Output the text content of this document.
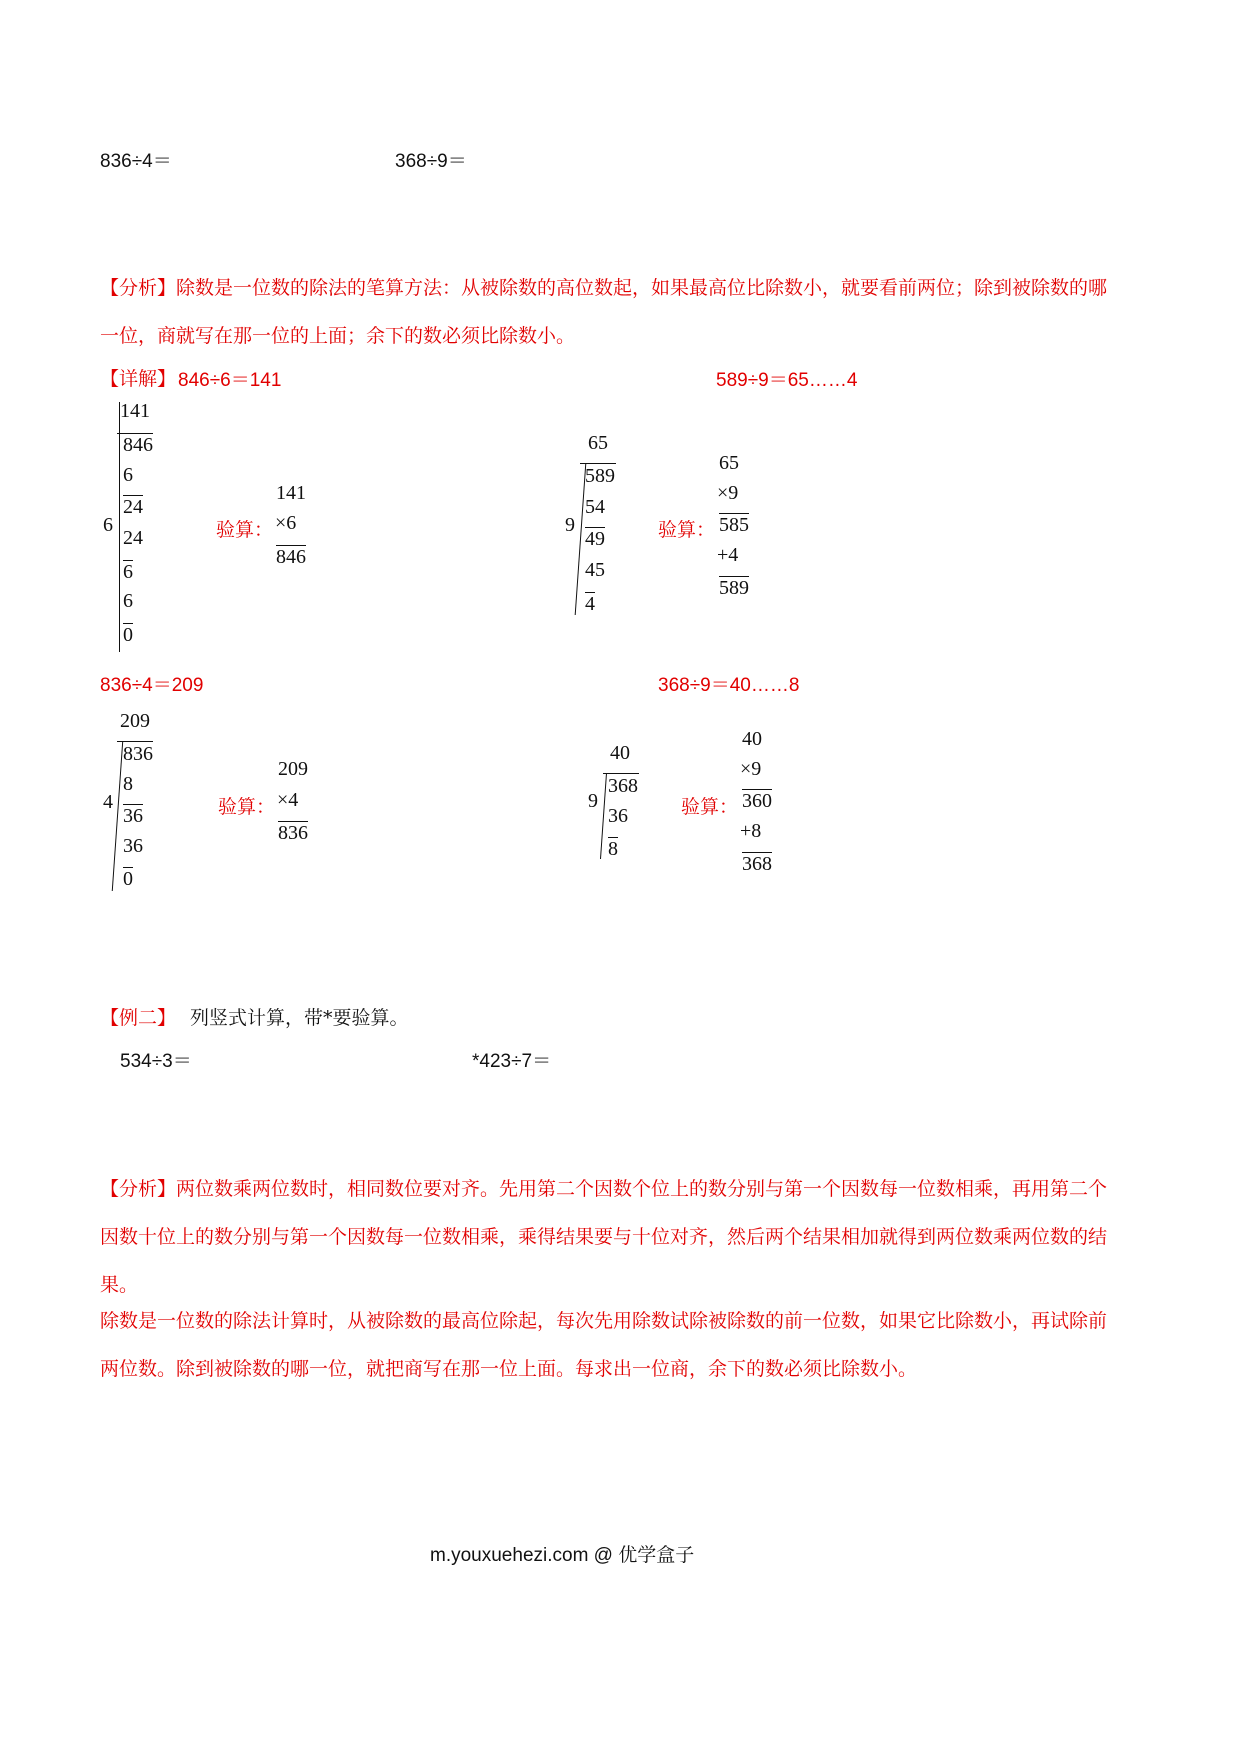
836÷4＝	368÷9＝
【分析】除数是一位数的除法的笔算方法：从被除数的高位数起，如果最高位比除数小，就要看前两位；除到被除数的哪一位，商就写在那一位的上面；余下的数必须比除数小。
【详解】 846÷6＝141	589÷9＝65……4
141
6
846
6
24
24
6
6
0
验算：
141
×6
846
65
9
589
54
49
45
4
验算：
65
×9
585
+4
589
836÷4＝209	368÷9＝40……8
209
4
836
8
36
36
0
验算：
209
×4
836
40
9
368
36
8
验算：
40
×9
360
+8
368
【例二】 列竖式计算，带*要验算。
534÷3＝	*423÷7＝
【分析】两位数乘两位数时，相同数位要对齐。先用第二个因数个位上的数分别与第一个因数每一位数相乘，再用第二个因数十位上的数分别与第一个因数每一位数相乘，乘得结果要与十位对齐，然后两个结果相加就得到两位数乘两位数的结果。
除数是一位数的除法计算时，从被除数的最高位除起，每次先用除数试除被除数的前一位数，如果它比除数小，再试除前两位数。除到被除数的哪一位，就把商写在那一位上面。每求出一位商，余下的数必须比除数小。
m.youxuehezi.com @ 优学盒子
